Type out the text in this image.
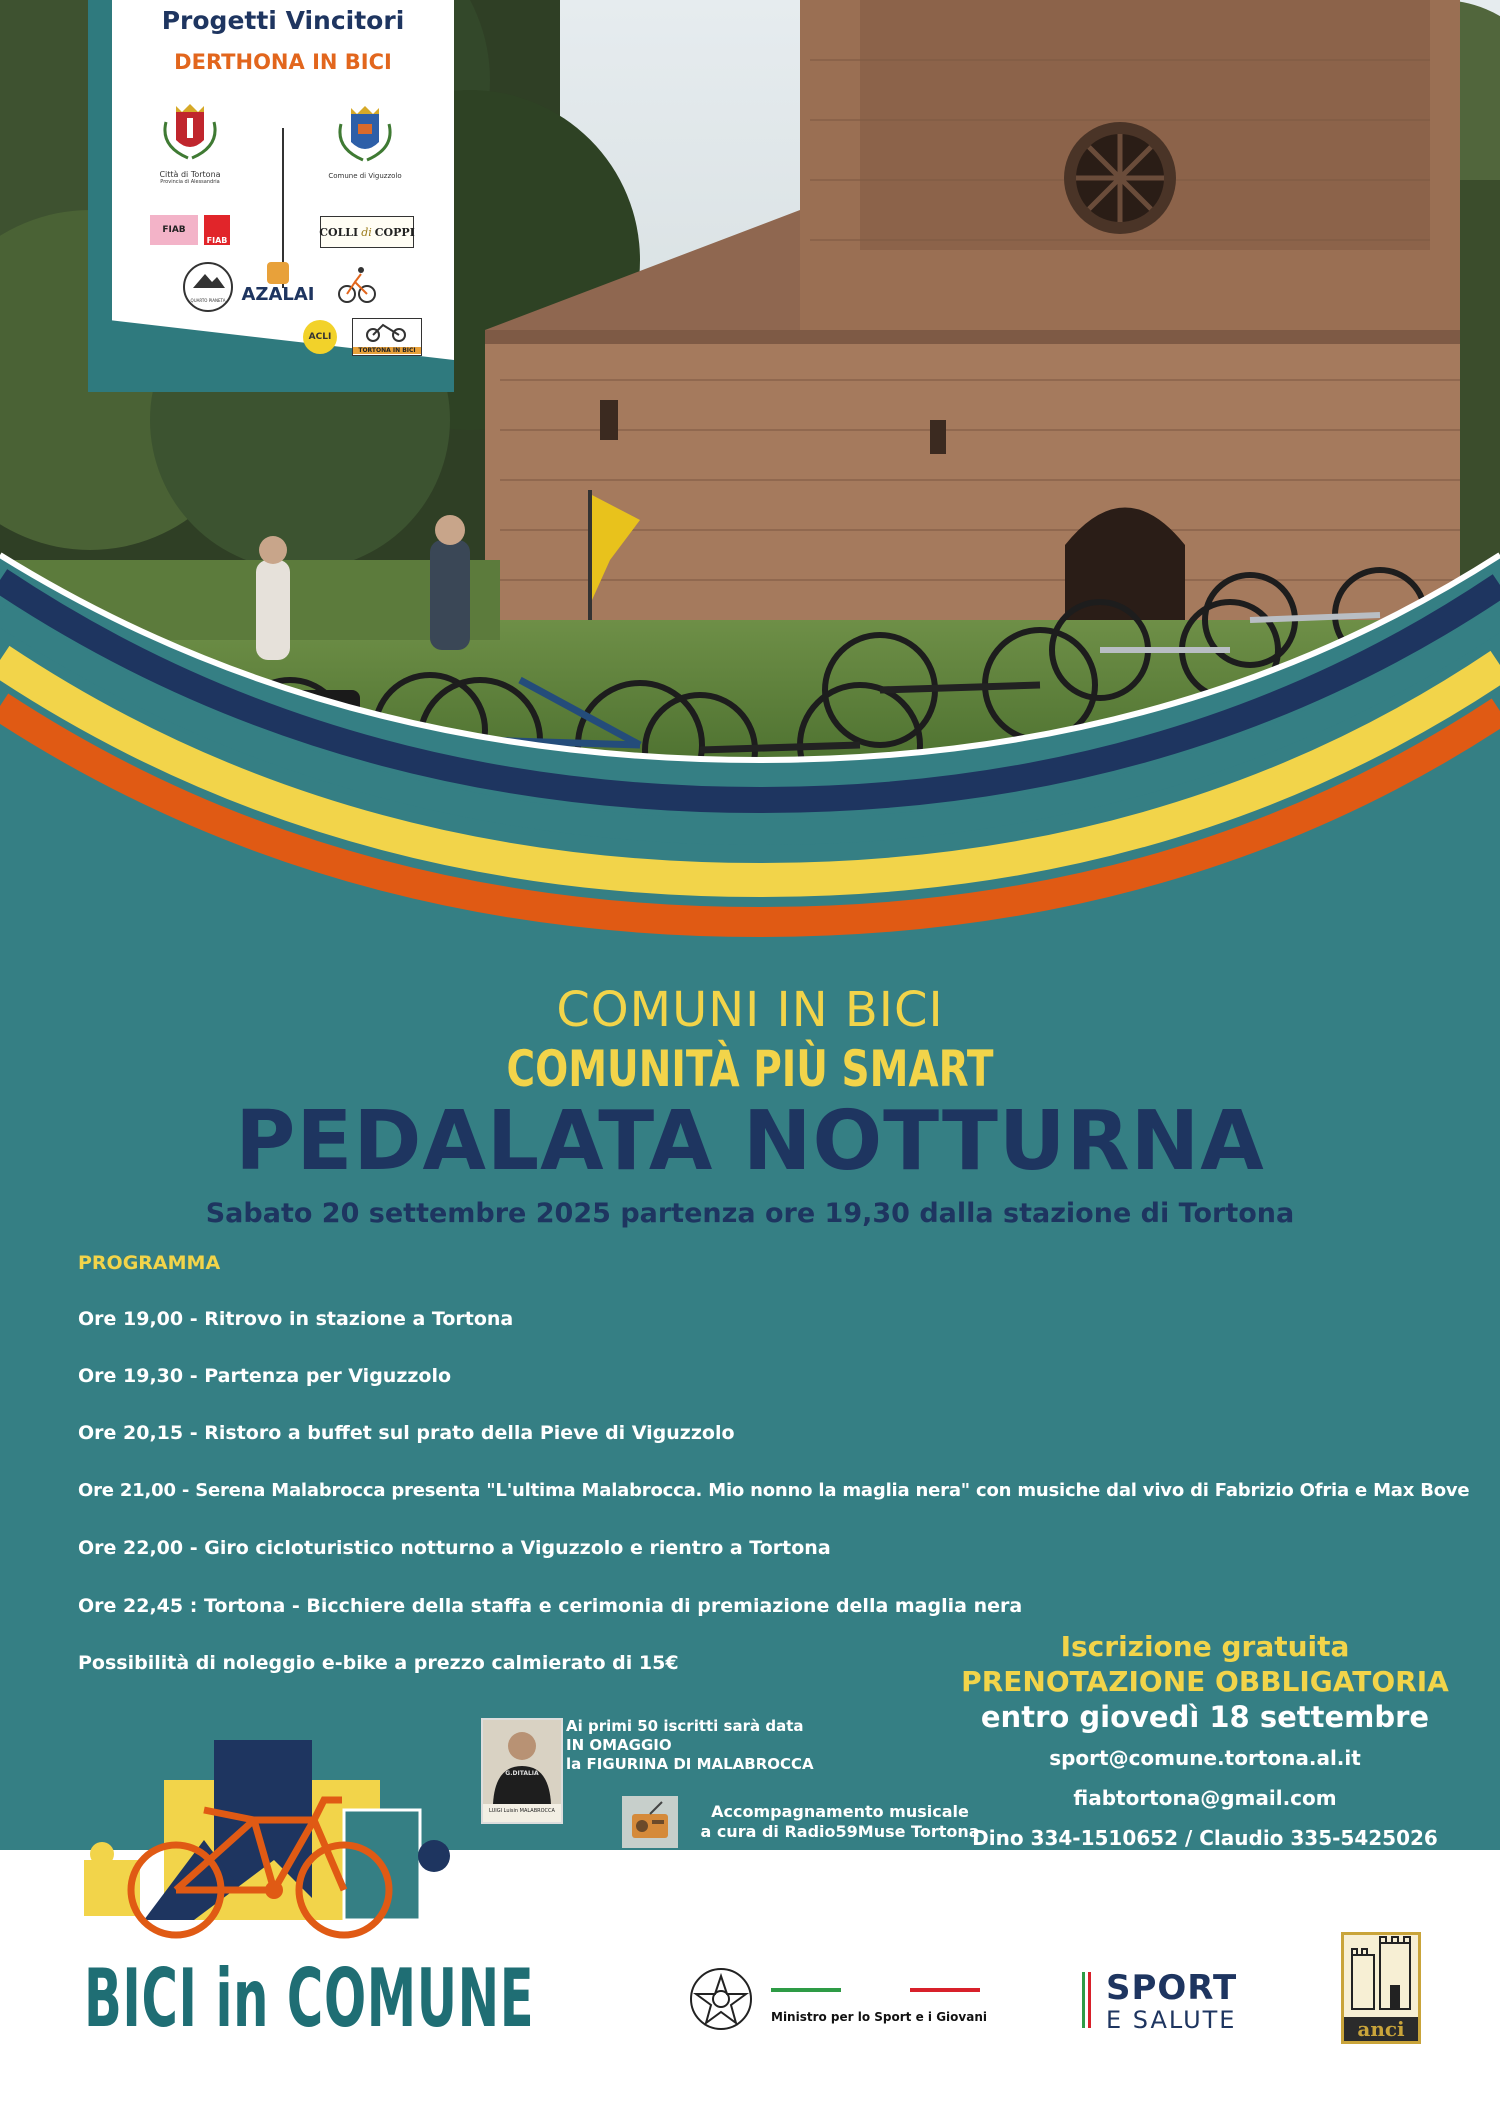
Progetti Vincitori
DERTHONA IN BICI
Città di Tortona
Provincia di Alessandria
Comune di Viguzzolo
FIAB
FIAB
COLLI di COPPI
QUARTO PIANETA AZALAI
ACLI
TORTONA IN BICI
COMUNI IN BICI
COMUNITÀ PIÙ SMART
PEDALATA NOTTURNA
Sabato 20 settembre 2025 partenza ore 19,30 dalla stazione di Tortona
PROGRAMMA
Ore 19,00 - Ritrovo in stazione a Tortona
Ore 19,30 - Partenza per Viguzzolo
Ore 20,15 - Ristoro a buffet sul prato della Pieve di Viguzzolo
Ore 21,00 - Serena Malabrocca presenta "L'ultima Malabrocca. Mio nonno la maglia nera" con musiche dal vivo di Fabrizio Ofria e Max Bove
Ore 22,00 - Giro cicloturistico notturno a Viguzzolo e rientro a Tortona
Ore 22,45 : Tortona - Bicchiere della staffa e cerimonia di premiazione della maglia nera
Possibilità di noleggio e-bike a prezzo calmierato di 15€	Iscrizione gratuita
PRENOTAZIONE OBBLIGATORIA
entro giovedì 18 settembre
sport@comune.tortona.al.it
fiabtortona@gmail.com
Dino 334-1510652 / Claudio 335-5425026
G.DITALIA
LUIGI Luisin MALABROCCA
Ai primi 50 iscritti sarà data
IN OMAGGIO
la FIGURINA DI MALABROCCA
Accompagnamento musicale
a cura di Radio59Muse Tortona
BICI in COMUNE	Ministro per lo Sport e i Giovani
SPORT
E SALUTE	anci
